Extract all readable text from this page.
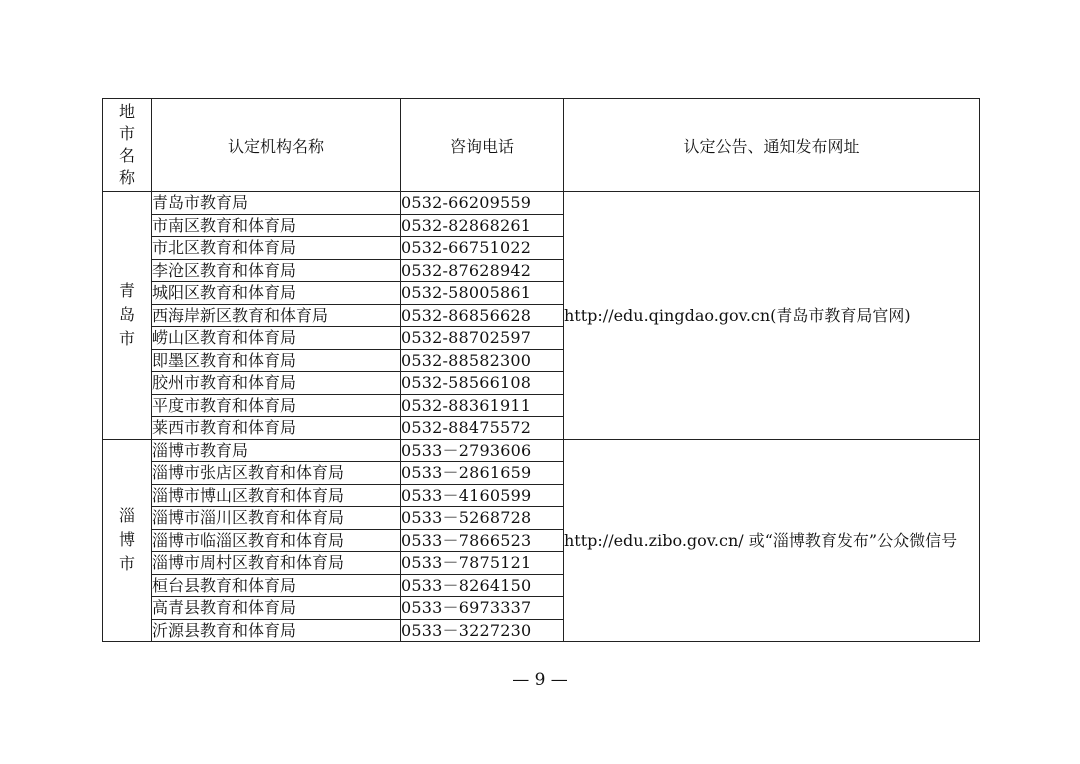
地
市
名
称	认定机构名称	咨询电话	认定公告、通知发布网址

青
岛
市	青岛市教育局	0532-66209559	http://edu.qingdao.gov.cn(青岛市教育局官网)
	市南区教育和体育局	0532-82868261	
	市北区教育和体育局	0532-66751022	
	李沧区教育和体育局	0532-87628942	
	城阳区教育和体育局	0532-58005861	
	西海岸新区教育和体育局	0532-86856628	
	崂山区教育和体育局	0532-88702597	
	即墨区教育和体育局	0532-88582300	
	胶州市教育和体育局	0532-58566108	
	平度市教育和体育局	0532-88361911	
	莱西市教育和体育局	0532-88475572	

淄
博
市	淄博市教育局	0533－2793606	http://edu.zibo.gov.cn/ 或“淄博教育发布”公众微信号
	淄博市张店区教育和体育局	0533－2861659	
	淄博市博山区教育和体育局	0533－4160599	
	淄博市淄川区教育和体育局	0533－5268728	
	淄博市临淄区教育和体育局	0533－7866523	
	淄博市周村区教育和体育局	0533－7875121	
	桓台县教育和体育局	0533－8264150	
	高青县教育和体育局	0533－6973337	
	沂源县教育和体育局	0533－3227230	
— 9 —
